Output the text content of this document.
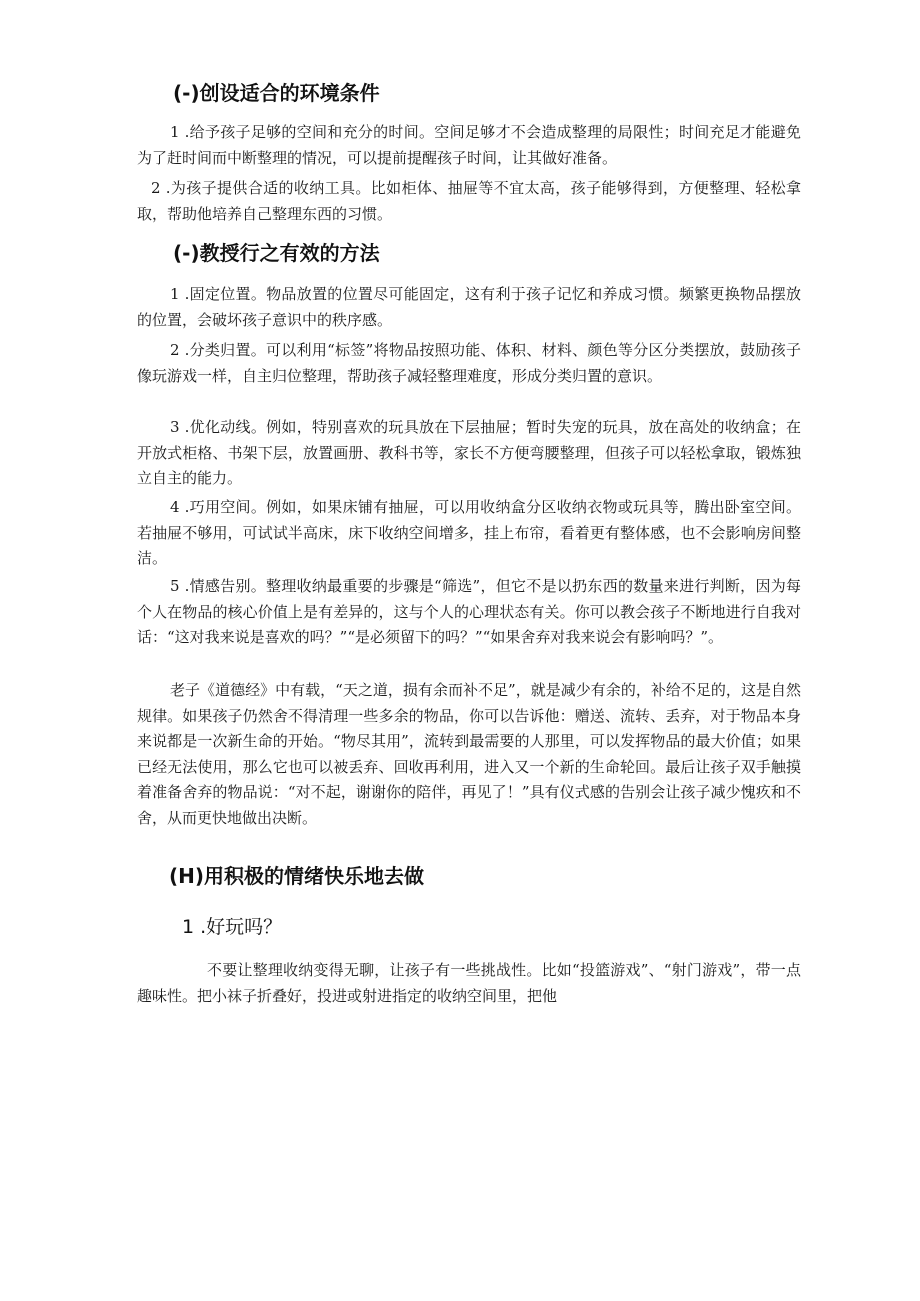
(-)创设适合的环境条件

1 .给予孩子足够的空间和充分的时间。空间足够才不会造成整理的局限性；时间充足才能避免为了赶时间而中断整理的情况，可以提前提醒孩子时间，让其做好准备。

2 .为孩子提供合适的收纳工具。比如柜体、抽屉等不宜太高，孩子能够得到，方便整理、轻松拿取，帮助他培养自己整理东西的习惯。

(-)教授行之有效的方法

1 .固定位置。物品放置的位置尽可能固定，这有利于孩子记忆和养成习惯。频繁更换物品摆放的位置，会破坏孩子意识中的秩序感。

2 .分类归置。可以利用“标签”将物品按照功能、体积、材料、颜色等分区分类摆放，鼓励孩子像玩游戏一样，自主归位整理，帮助孩子减轻整理难度，形成分类归置的意识。

3 .优化动线。例如，特别喜欢的玩具放在下层抽屉；暂时失宠的玩具，放在高处的收纳盒；在开放式柜格、书架下层，放置画册、教科书等，家长不方便弯腰整理，但孩子可以轻松拿取，锻炼独立自主的能力。

4 .巧用空间。例如，如果床铺有抽屉，可以用收纳盒分区收纳衣物或玩具等，腾出卧室空间。若抽屉不够用，可试试半高床，床下收纳空间增多，挂上布帘，看着更有整体感，也不会影响房间整洁。

5 .情感告别。整理收纳最重要的步骤是“筛选”，但它不是以扔东西的数量来进行判断，因为每个人在物品的核心价值上是有差异的，这与个人的心理状态有关。你可以教会孩子不断地进行自我对话：“这对我来说是喜欢的吗？”“是必须留下的吗？”“如果舍弃对我来说会有影响吗？”。

老子《道德经》中有载，“天之道，损有余而补不足”，就是减少有余的，补给不足的，这是自然规律。如果孩子仍然舍不得清理一些多余的物品，你可以告诉他：赠送、流转、丢弃，对于物品本身来说都是一次新生命的开始。“物尽其用”，流转到最需要的人那里，可以发挥物品的最大价值；如果已经无法使用，那么它也可以被丢弃、回收再利用，进入又一个新的生命轮回。最后让孩子双手触摸着准备舍弃的物品说：“对不起，谢谢你的陪伴，再见了！”具有仪式感的告别会让孩子减少愧疚和不舍，从而更快地做出决断。

(H)用积极的情绪快乐地去做
1 .好玩吗？

不要让整理收纳变得无聊，让孩子有一些挑战性。比如“投篮游戏”、“射门游戏”，带一点趣味性。把小袜子折叠好，投进或射进指定的收纳空间里，把他
